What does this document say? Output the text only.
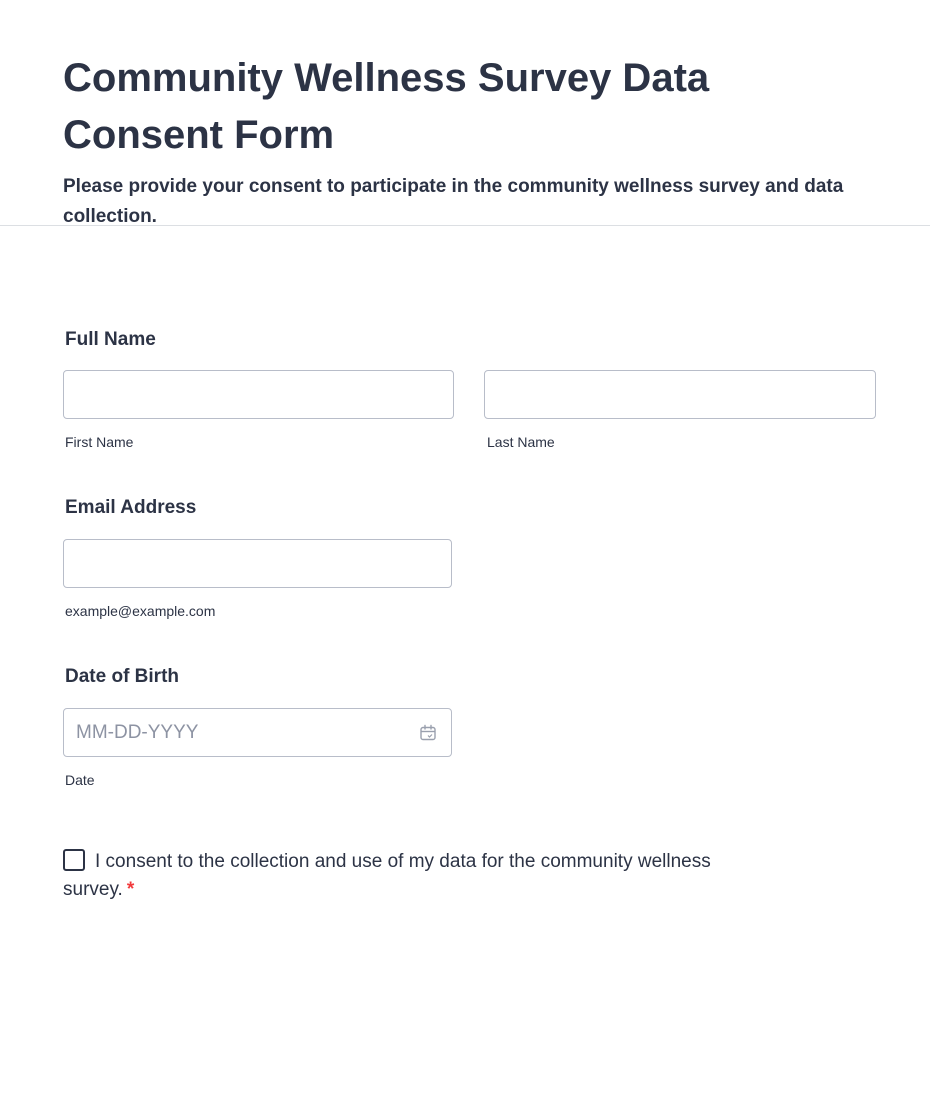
Community Wellness Survey Data Consent Form

Please provide your consent to participate in the community wellness survey and data collection.

Full Name
First Name	Last Name
Email Address
example@example.com
Date of Birth
MM-DD-YYYY
Date
I consent to the collection and use of my data for the community wellness survey. *
